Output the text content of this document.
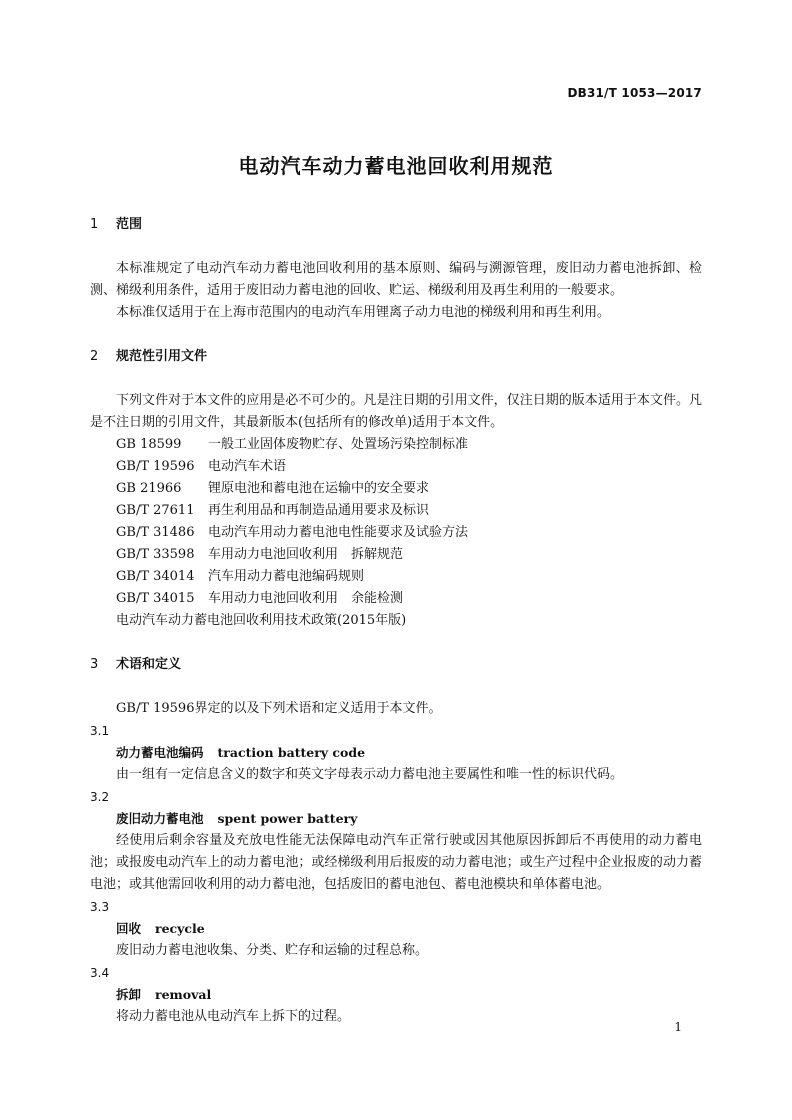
DB31/T 1053—2017
电动汽车动力蓄电池回收利用规范
1 范围

本标准规定了电动汽车动力蓄电池回收利用的基本原则、编码与溯源管理，废旧动力蓄电池拆卸、检测、梯级利用条件，适用于废旧动力蓄电池的回收、贮运、梯级利用及再生利用的一般要求。

本标准仅适用于在上海市范围内的电动汽车用锂离子动力电池的梯级利用和再生利用。

2 规范性引用文件

下列文件对于本文件的应用是必不可少的。凡是注日期的引用文件，仅注日期的版本适用于本文件。凡是不注日期的引用文件，其最新版本(包括所有的修改单)适用于本文件。

GB 18599 一般工业固体废物贮存、处置场污染控制标准

GB/T 19596 电动汽车术语

GB 21966 锂原电池和蓄电池在运输中的安全要求

GB/T 27611 再生利用品和再制造品通用要求及标识

GB/T 31486 电动汽车用动力蓄电池电性能要求及试验方法

GB/T 33598 车用动力电池回收利用　拆解规范

GB/T 34014 汽车用动力蓄电池编码规则

GB/T 34015 车用动力电池回收利用　余能检测

电动汽车动力蓄电池回收利用技术政策(2015年版)

3 术语和定义

GB/T 19596界定的以及下列术语和定义适用于本文件。

3.1

动力蓄电池编码 traction battery code

由一组有一定信息含义的数字和英文字母表示动力蓄电池主要属性和唯一性的标识代码。

3.2

废旧动力蓄电池 spent power battery

经使用后剩余容量及充放电性能无法保障电动汽车正常行驶或因其他原因拆卸后不再使用的动力蓄电池；或报废电动汽车上的动力蓄电池；或经梯级利用后报废的动力蓄电池；或生产过程中企业报废的动力蓄电池；或其他需回收利用的动力蓄电池，包括废旧的蓄电池包、蓄电池模块和单体蓄电池。

3.3

回收 recycle

废旧动力蓄电池收集、分类、贮存和运输的过程总称。

3.4

拆卸 removal

将动力蓄电池从电动汽车上拆下的过程。

1
